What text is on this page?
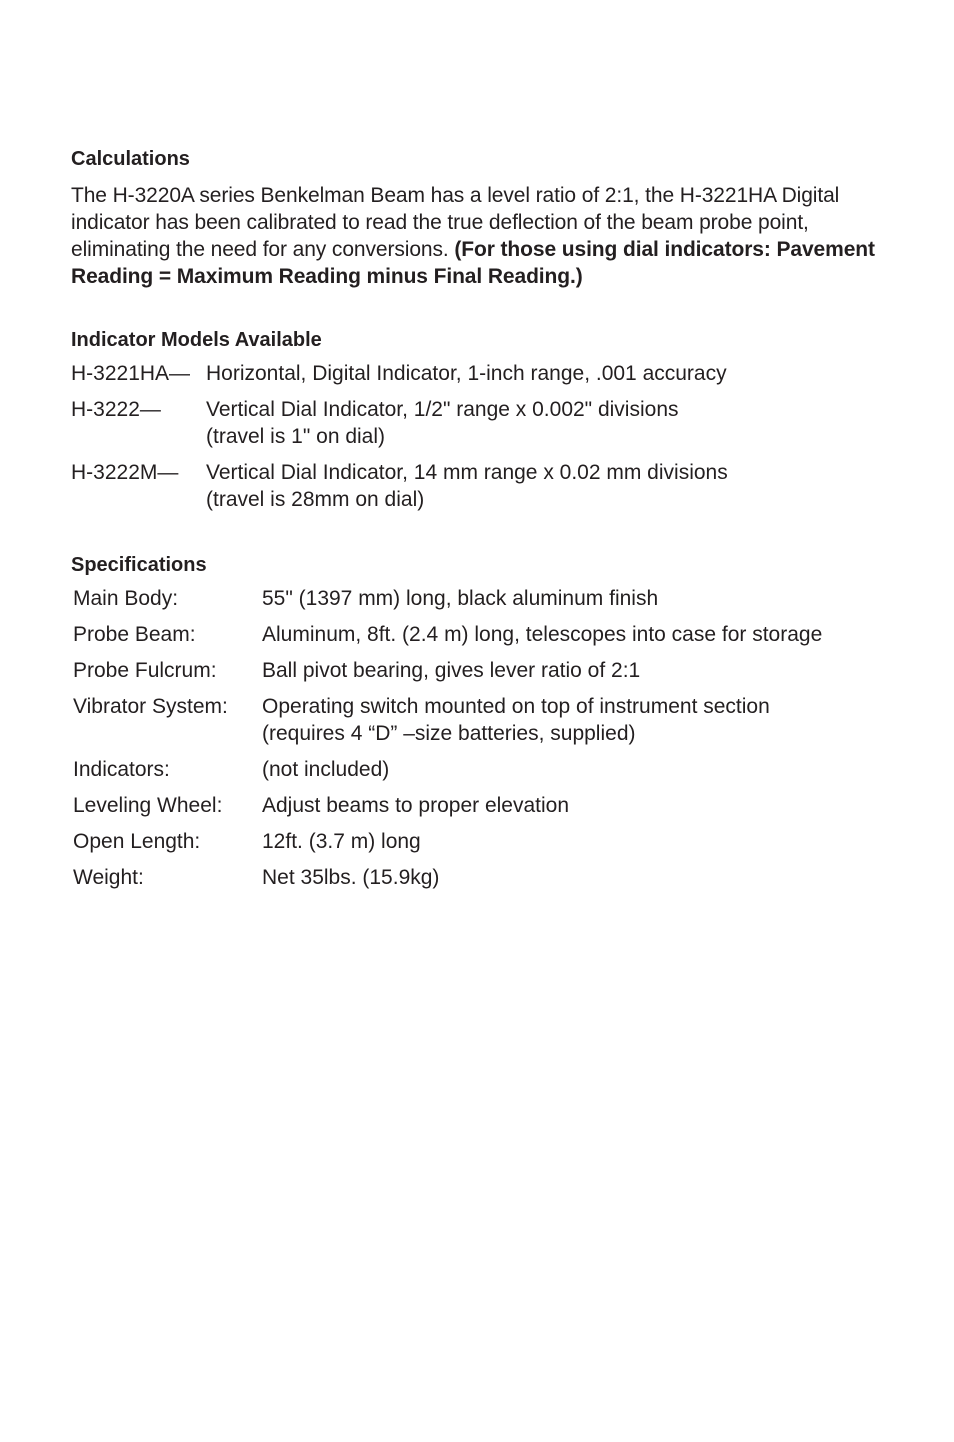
Calculations

The H-3220A series Benkelman Beam has a level ratio of 2:1, the H-3221HA Digital indicator has been calibrated to read the true deflection of the beam probe point, eliminating the need for any conversions. (For those using dial indicators: Pavement Reading = Maximum Reading minus Final Reading.)

Indicator Models Available
H-3221HA— Horizontal, Digital Indicator, 1-inch range, .001 accuracy
H-3222—	Vertical Dial Indicator, 1/2" range x 0.002" divisions
(travel is 1" on dial)
H-3222M—	Vertical Dial Indicator, 14 mm range x 0.02 mm divisions
(travel is 28mm on dial)
Specifications
Main Body:	55" (1397 mm) long, black aluminum finish
Probe Beam:	Aluminum, 8ft. (2.4 m) long, telescopes into case for storage
Probe Fulcrum:	Ball pivot bearing, gives lever ratio of 2:1
Vibrator System:	Operating switch mounted on top of instrument section
(requires 4 “D” –size batteries, supplied)
Indicators:	(not included)
Leveling Wheel:	Adjust beams to proper elevation
Open Length:	12ft. (3.7 m) long
Weight:	Net 35lbs. (15.9kg)
